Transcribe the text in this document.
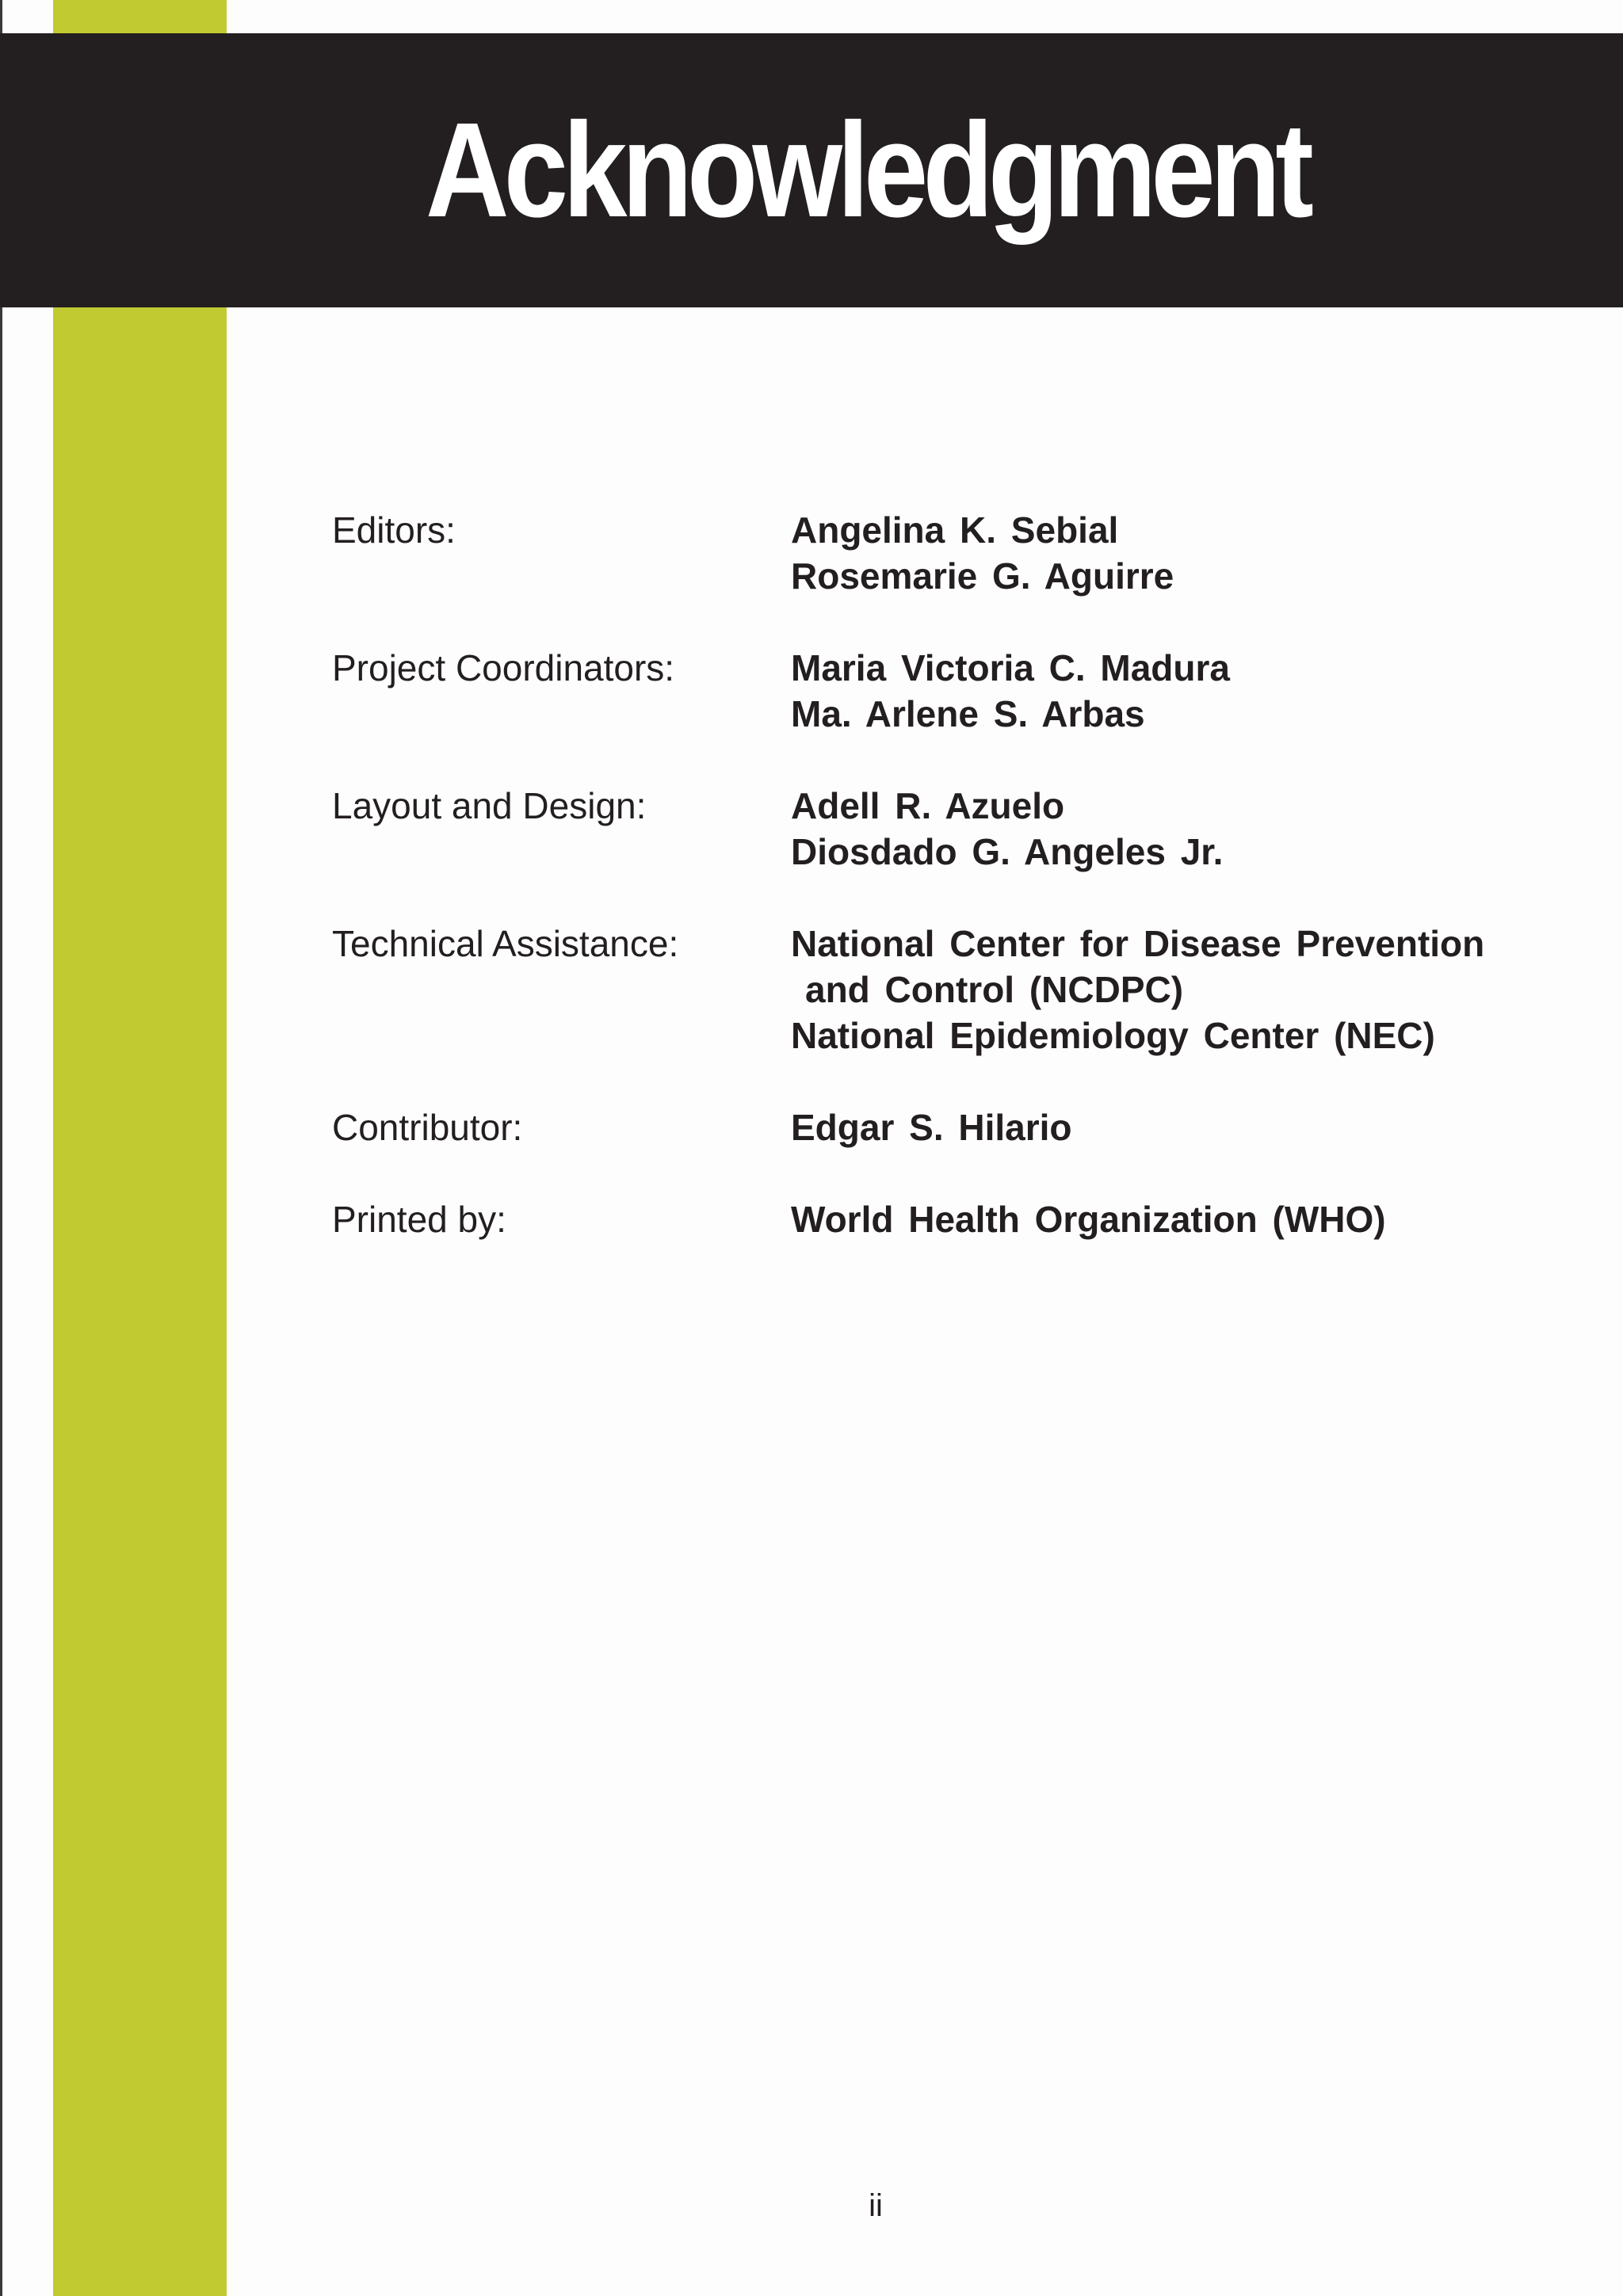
Acknowledgment
Editors:	Angelina K. Sebial
Rosemarie G. Aguirre
Project Coordinators:	Maria Victoria C. Madura
Ma. Arlene S. Arbas
Layout and Design:	Adell R. Azuelo
Diosdado G. Angeles Jr.
Technical Assistance:	National Center for Disease Prevention
and Control (NCDPC)
National Epidemiology Center (NEC)
Contributor:	Edgar S. Hilario
Printed by:	World Health Organization (WHO)
ii
